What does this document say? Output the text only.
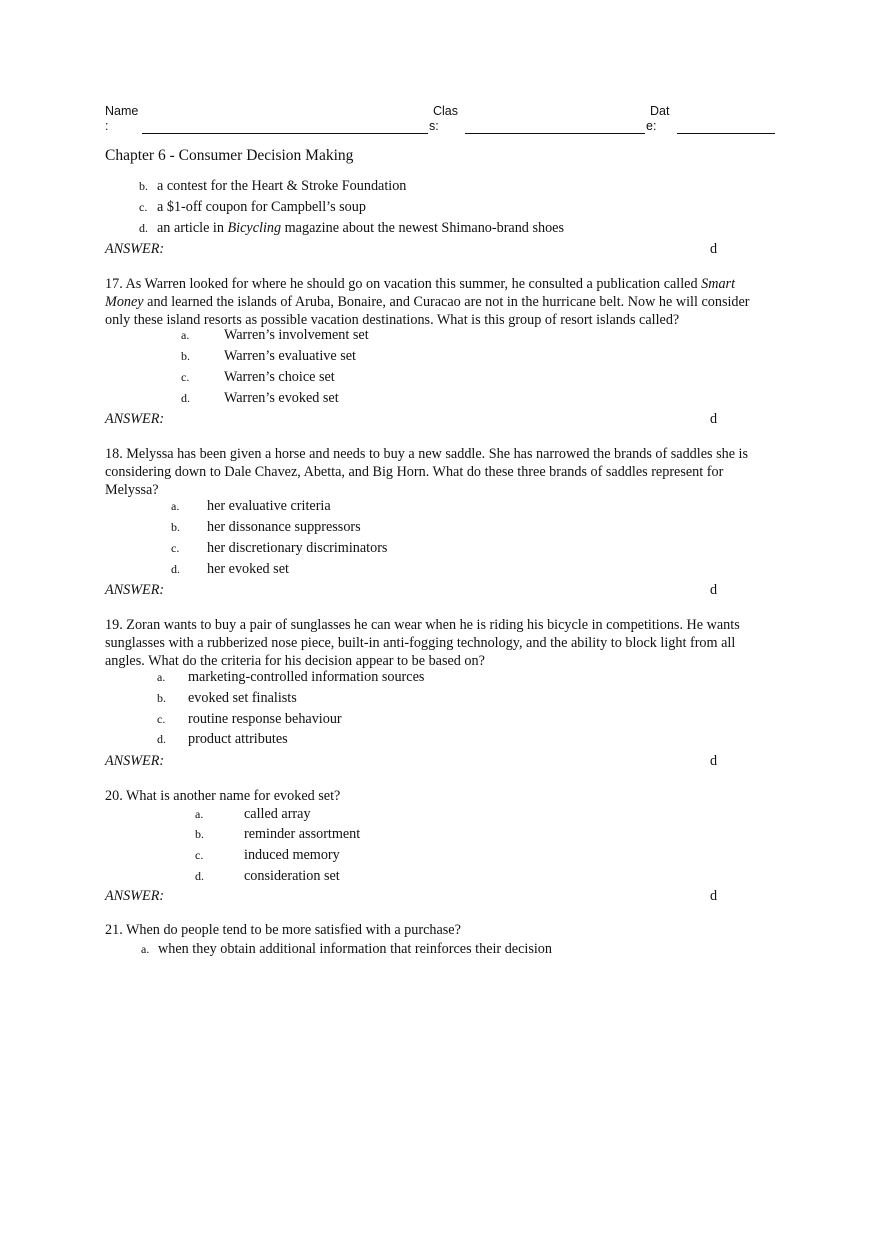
Name
:
Clas
s:
Dat
e:
Chapter 6 - Consumer Decision Making
b. a contest for the Heart & Stroke Foundation
c. a $1-off coupon for Campbell’s soup
d. an article in Bicycling magazine about the newest Shimano-brand shoes
ANSWER:	d
17. As Warren looked for where he should go on vacation this summer, he consulted a publication called Smart Money and learned the islands of Aruba, Bonaire, and Curacao are not in the hurricane belt. Now he will consider only these island resorts as possible vacation destinations. What is this group of resort islands called?
a. Warren’s involvement set
b. Warren’s evaluative set
c. Warren’s choice set
d. Warren’s evoked set
ANSWER:	d
18. Melyssa has been given a horse and needs to buy a new saddle. She has narrowed the brands of saddles she is considering down to Dale Chavez, Abetta, and Big Horn. What do these three brands of saddles represent for Melyssa?
a. her evaluative criteria
b. her dissonance suppressors
c. her discretionary discriminators
d. her evoked set
ANSWER:	d
19. Zoran wants to buy a pair of sunglasses he can wear when he is riding his bicycle in competitions. He wants sunglasses with a rubberized nose piece, built-in anti-fogging technology, and the ability to block light from all angles. What do the criteria for his decision appear to be based on?
a. marketing-controlled information sources
b. evoked set finalists
c. routine response behaviour
d. product attributes
ANSWER:	d
20. What is another name for evoked set?
a.	called array
b.	reminder assortment
c.	induced memory
d.	consideration set
ANSWER:	d
21. When do people tend to be more satisfied with a purchase?
a. when they obtain additional information that reinforces their decision
